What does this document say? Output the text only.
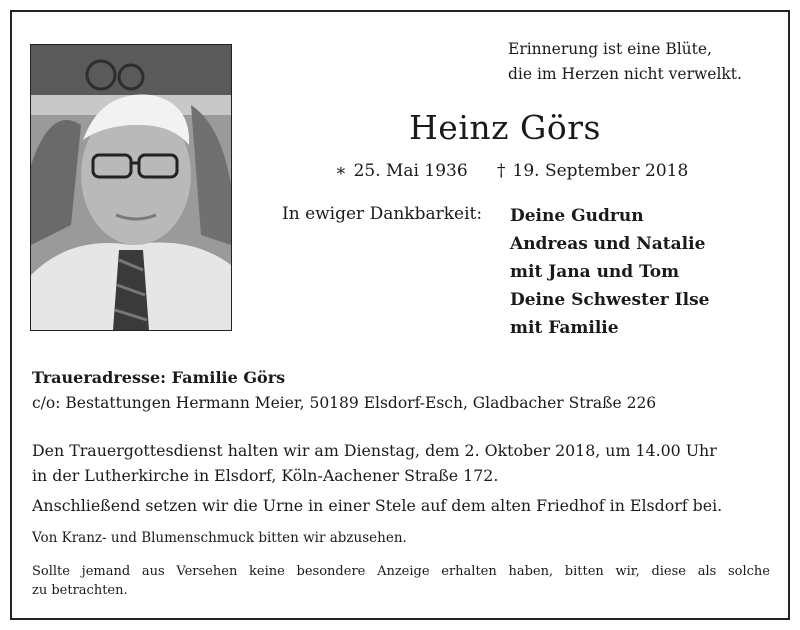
Erinnerung ist eine Blüte,
die im Herzen nicht verwelkt.
Heinz Görs
∗ 25. Mai 1936 † 19. September 2018
In ewiger Dankbarkeit: Deine Gudrun
Andreas und Natalie
mit Jana und Tom
Deine Schwester Ilse
mit Familie
Traueradresse: Familie Görs
c/o: Bestattungen Hermann Meier, 50189 Elsdorf-Esch, Gladbacher Straße 226
Den Trauergottesdienst halten wir am Dienstag, dem 2. Oktober 2018, um 14.00 Uhr
in der Lutherkirche in Elsdorf, Köln-Aachener Straße 172.
Anschließend setzen wir die Urne in einer Stele auf dem alten Friedhof in Elsdorf bei.
Von Kranz- und Blumenschmuck bitten wir abzusehen.
Sollte jemand aus Versehen keine besondere Anzeige erhalten haben, bitten wir, diese als solche
zu betrachten.
